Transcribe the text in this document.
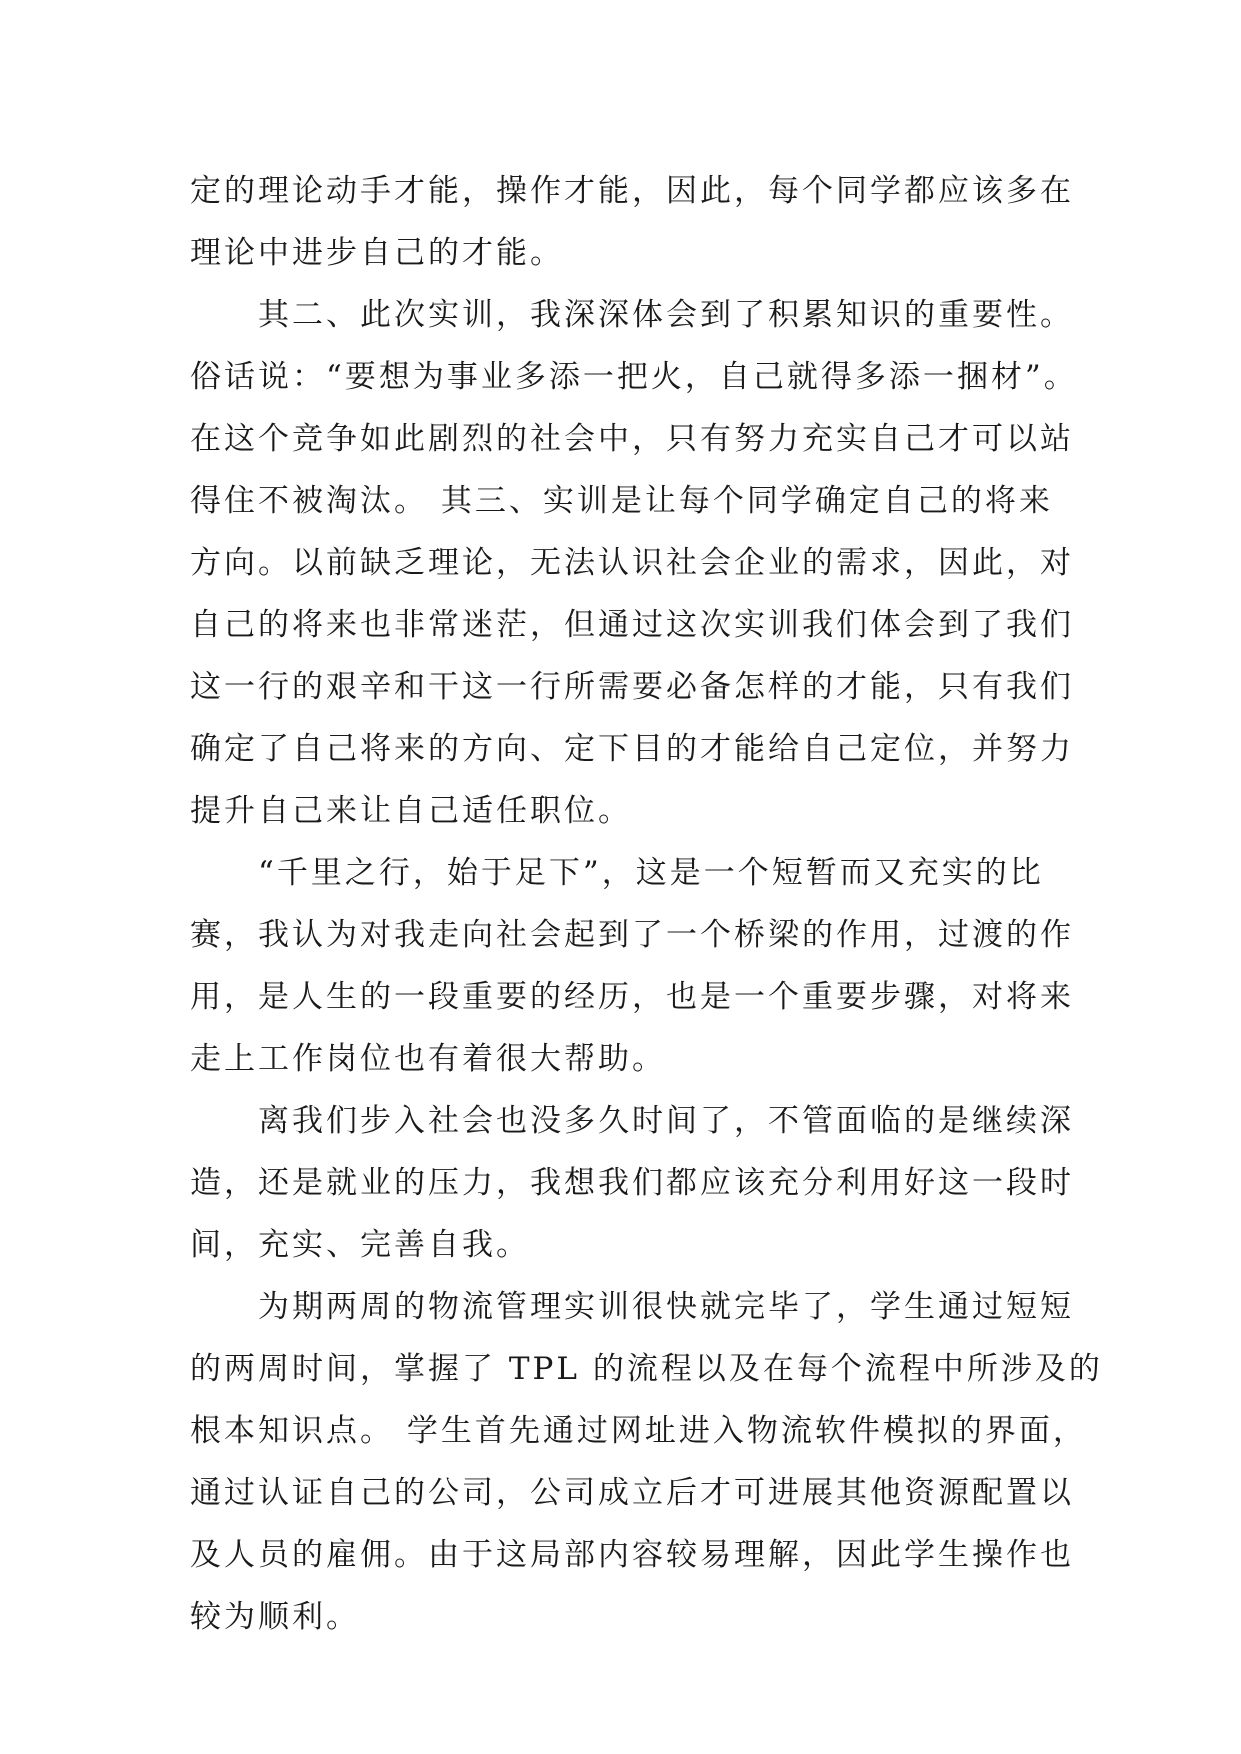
定的理论动手才能，操作才能，因此，每个同学都应该多在
理论中进步自己的才能。
其二、此次实训，我深深体会到了积累知识的重要性。
俗话说：“要想为事业多添一把火，自己就得多添一捆材”。
在这个竞争如此剧烈的社会中，只有努力充实自己才可以站
得住不被淘汰。 其三、实训是让每个同学确定自己的将来
方向。以前缺乏理论，无法认识社会企业的需求，因此，对
自己的将来也非常迷茫，但通过这次实训我们体会到了我们
这一行的艰辛和干这一行所需要必备怎样的才能，只有我们
确定了自己将来的方向、定下目的才能给自己定位，并努力
提升自己来让自己适任职位。
“千里之行，始于足下”，这是一个短暂而又充实的比
赛，我认为对我走向社会起到了一个桥梁的作用，过渡的作
用，是人生的一段重要的经历，也是一个重要步骤，对将来
走上工作岗位也有着很大帮助。
离我们步入社会也没多久时间了，不管面临的是继续深
造，还是就业的压力，我想我们都应该充分利用好这一段时
间，充实、完善自我。
为期两周的物流管理实训很快就完毕了，学生通过短短
的两周时间，掌握了 TPL 的流程以及在每个流程中所涉及的
根本知识点。 学生首先通过网址进入物流软件模拟的界面，
通过认证自己的公司，公司成立后才可进展其他资源配置以
及人员的雇佣。由于这局部内容较易理解，因此学生操作也
较为顺利。
